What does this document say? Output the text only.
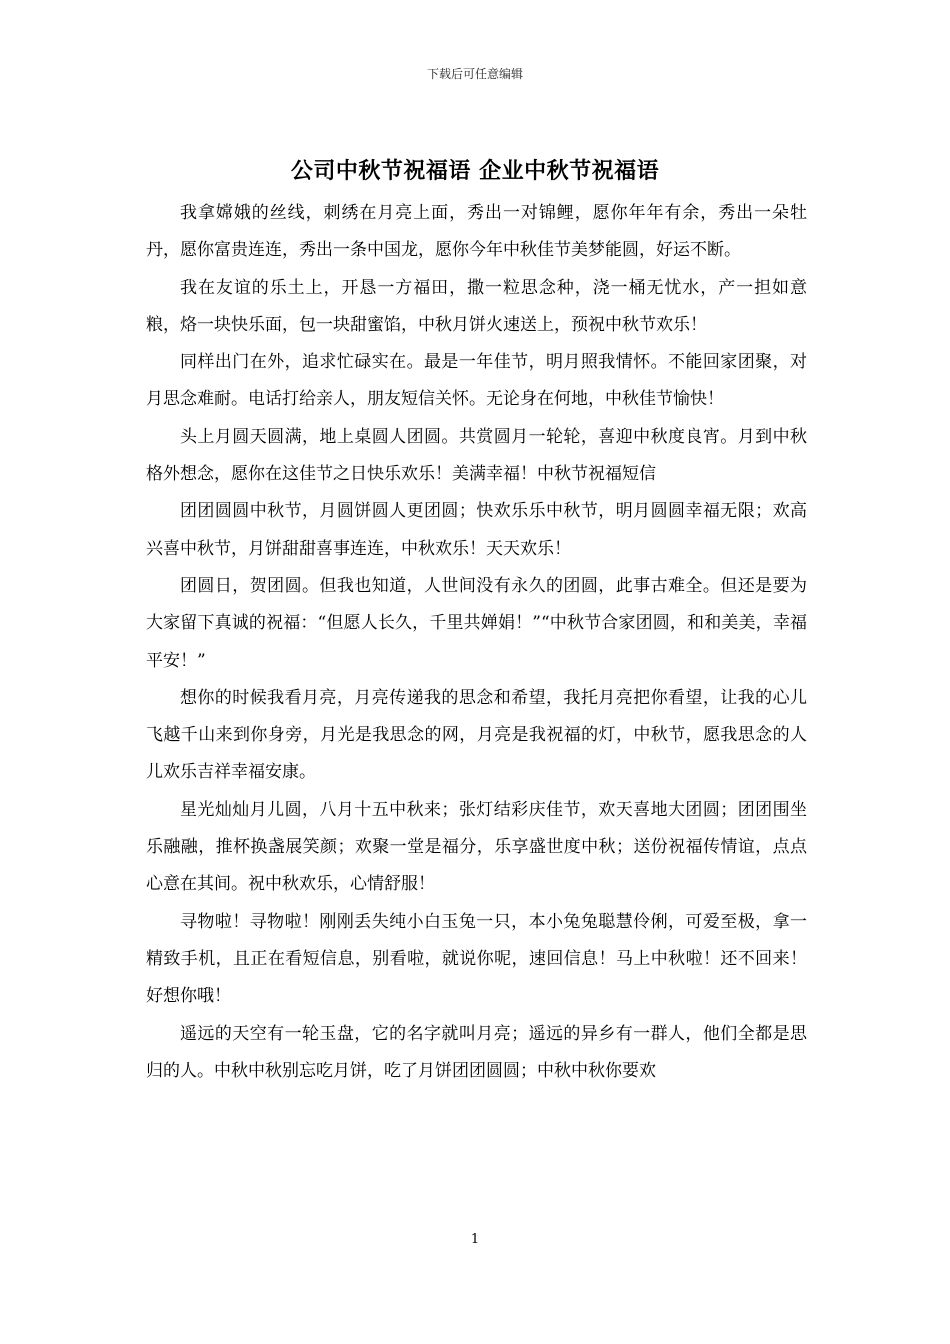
下载后可任意编辑
公司中秋节祝福语 企业中秋节祝福语

我拿嫦娥的丝线，刺绣在月亮上面，秀出一对锦鲤，愿你年年有余，秀出一朵牡丹，愿你富贵连连，秀出一条中国龙，愿你今年中秋佳节美梦能圆，好运不断。

我在友谊的乐土上，开恳一方福田，撒一粒思念种，浇一桶无忧水，产一担如意粮，烙一块快乐面，包一块甜蜜馅，中秋月饼火速送上，预祝中秋节欢乐！

同样出门在外，追求忙碌实在。最是一年佳节，明月照我情怀。不能回家团聚，对月思念难耐。电话打给亲人，朋友短信关怀。无论身在何地，中秋佳节愉快！

头上月圆天圆满，地上桌圆人团圆。共赏圆月一轮轮，喜迎中秋度良宵。月到中秋格外想念，愿你在这佳节之日快乐欢乐！美满幸福！中秋节祝福短信

团团圆圆中秋节，月圆饼圆人更团圆；快欢乐乐中秋节，明月圆圆幸福无限；欢高兴喜中秋节，月饼甜甜喜事连连，中秋欢乐！天天欢乐！

团圆日，贺团圆。但我也知道，人世间没有永久的团圆，此事古难全。但还是要为大家留下真诚的祝福：“但愿人长久，千里共婵娟！”“中秋节合家团圆，和和美美，幸福平安！”

想你的时候我看月亮，月亮传递我的思念和希望，我托月亮把你看望，让我的心儿飞越千山来到你身旁，月光是我思念的网，月亮是我祝福的灯，中秋节，愿我思念的人儿欢乐吉祥幸福安康。

星光灿灿月儿圆，八月十五中秋来；张灯结彩庆佳节，欢天喜地大团圆；团团围坐乐融融，推杯换盏展笑颜；欢聚一堂是福分，乐享盛世度中秋；送份祝福传情谊，点点心意在其间。祝中秋欢乐，心情舒服！

寻物啦！寻物啦！刚刚丢失纯小白玉兔一只，本小兔兔聪慧伶俐，可爱至极，拿一精致手机，且正在看短信息，别看啦，就说你呢，速回信息！马上中秋啦！还不回来！好想你哦！

遥远的天空有一轮玉盘，它的名字就叫月亮；遥远的异乡有一群人，他们全都是思归的人。中秋中秋别忘吃月饼，吃了月饼团团圆圆；中秋中秋你要欢

1
